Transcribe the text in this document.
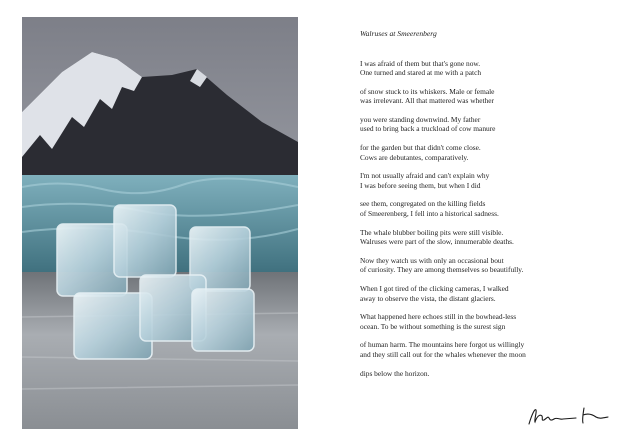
Walruses at Smeerenberg
I was afraid of them but that's gone now.
One turned and stared at me with a patch
of snow stuck to its whiskers. Male or female
was irrelevant. All that mattered was whether
you were standing downwind. My father
used to bring back a truckload of cow manure
for the garden but that didn't come close.
Cows are debutantes, comparatively.
I'm not usually afraid and can't explain why
I was before seeing them, but when I did
see them, congregated on the killing fields
of Smeerenberg, I fell into a historical sadness.
The whale blubber boiling pits were still visible.
Walruses were part of the slow, innumerable deaths.
Now they watch us with only an occasional bout
of curiosity. They are among themselves so beautifully.
When I got tired of the clicking cameras, I walked
away to observe the vista, the distant glaciers.
What happened here echoes still in the bowhead-less
ocean. To be without something is the surest sign
of human harm. The mountains here forgot us willingly
and they still call out for the whales whenever the moon
dips below the horizon.
